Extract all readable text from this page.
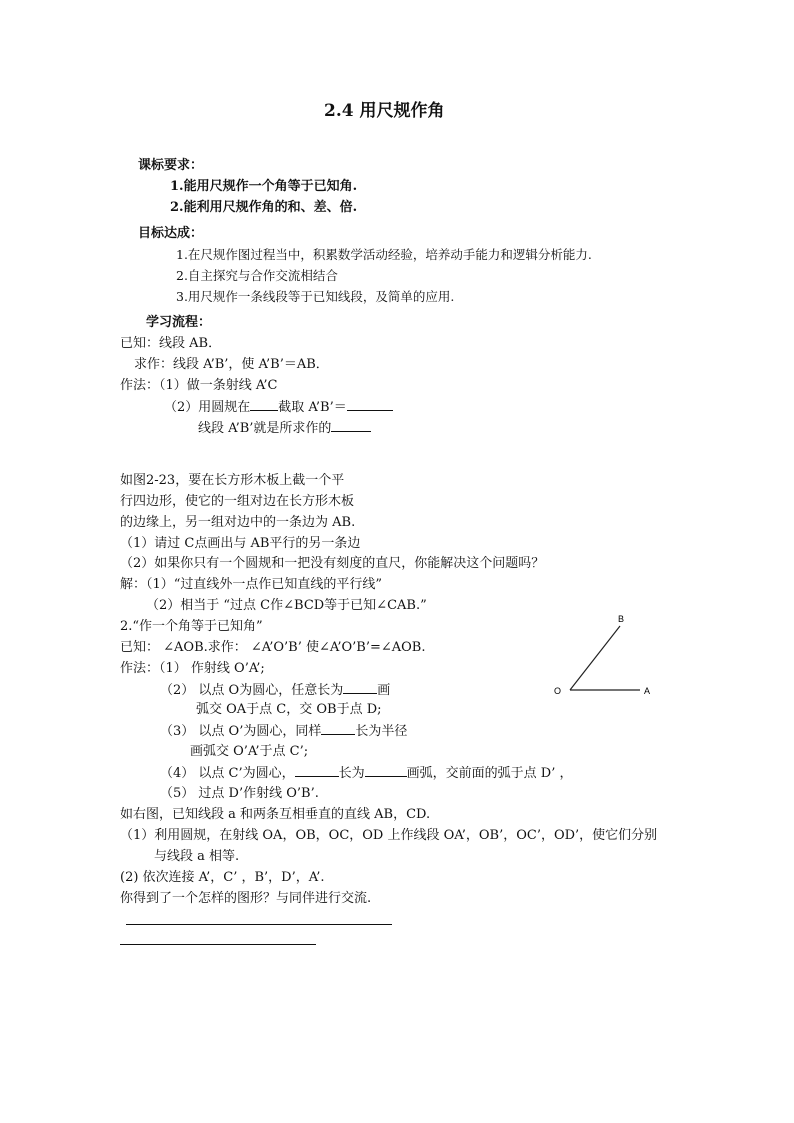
2.4 用尺规作角
课标要求：
1.能用尺规作一个角等于已知角.
2.能利用尺规作角的和、差、倍.
目标达成：
1.在尺规作图过程当中，积累数学活动经验，培养动手能力和逻辑分析能力.
2.自主探究与合作交流相结合
3.用尺规作一条线段等于已知线段，及简单的应用.
学习流程：
已知：线段 AB．
求作：线段 A’B’，使 A’B’＝AB．
作法：（1）做一条射线 A’C
（2）用圆规在 截取 A’B’＝
线段 A’B’就是所求作的
如图2-23，要在长方形木板上截一个平
行四边形，使它的一组对边在长方形木板
的边缘上，另一组对边中的一条边为 AB.
（1）请过 C点画出与 AB平行的另一条边
（2）如果你只有一个圆规和一把没有刻度的直尺，你能解决这个问题吗？
解：（1）“过直线外一点作已知直线的平行线”
（2）相当于 “过点 C作∠BCD等于已知∠CAB.”
2.“作一个角等于已知角”
已知： ∠AOB.求作： ∠A’O’B’ 使∠A’O’B’=∠AOB.
作法：（1） 作射线 O’A’;
（2） 以点 O为圆心，任意长为	画
弧交 OA于点 C，交 OB于点 D;
（3） 以点 O’为圆心，同样	长为半径
画弧交 O’A’于点 C’;
（4） 以点 C’为圆心，	长为	画弧，交前面的弧于点 D’ ，
（5） 过点 D’作射线 O’B’.
B
O	A
如右图，已知线段 a 和两条互相垂直的直线 AB，CD.
（1）利用圆规，在射线 OA，OB，OC，OD 上作线段 OA’，OB’，OC’，OD’，使它们分别
与线段 a 相等.
(2) 依次连接 A’，C’ ，B’，D’，A’.
你得到了一个怎样的图形？与同伴进行交流.
